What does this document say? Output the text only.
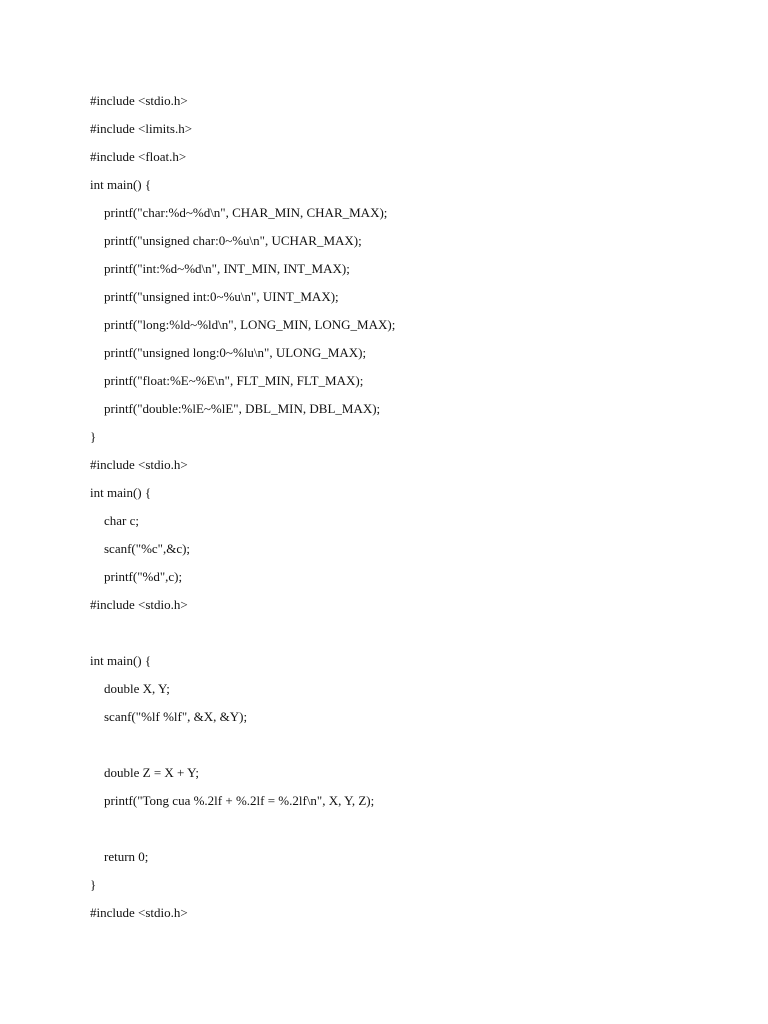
#include <stdio.h>
#include <limits.h>
#include <float.h>
int main() {
printf("char:%d~%d\n", CHAR_MIN, CHAR_MAX);
printf("unsigned char:0~%u\n", UCHAR_MAX);
printf("int:%d~%d\n", INT_MIN, INT_MAX);
printf("unsigned int:0~%u\n", UINT_MAX);
printf("long:%ld~%ld\n", LONG_MIN, LONG_MAX);
printf("unsigned long:0~%lu\n", ULONG_MAX);
printf("float:%E~%E\n", FLT_MIN, FLT_MAX);
printf("double:%lE~%lE", DBL_MIN, DBL_MAX);
}
#include <stdio.h>
int main() {
char c;
scanf("%c",&c);
printf("%d",c);
#include <stdio.h>
int main() {
double X, Y;
scanf("%lf %lf", &X, &Y);
double Z = X + Y;
printf("Tong cua %.2lf + %.2lf = %.2lf\n", X, Y, Z);
return 0;
}
#include <stdio.h>
